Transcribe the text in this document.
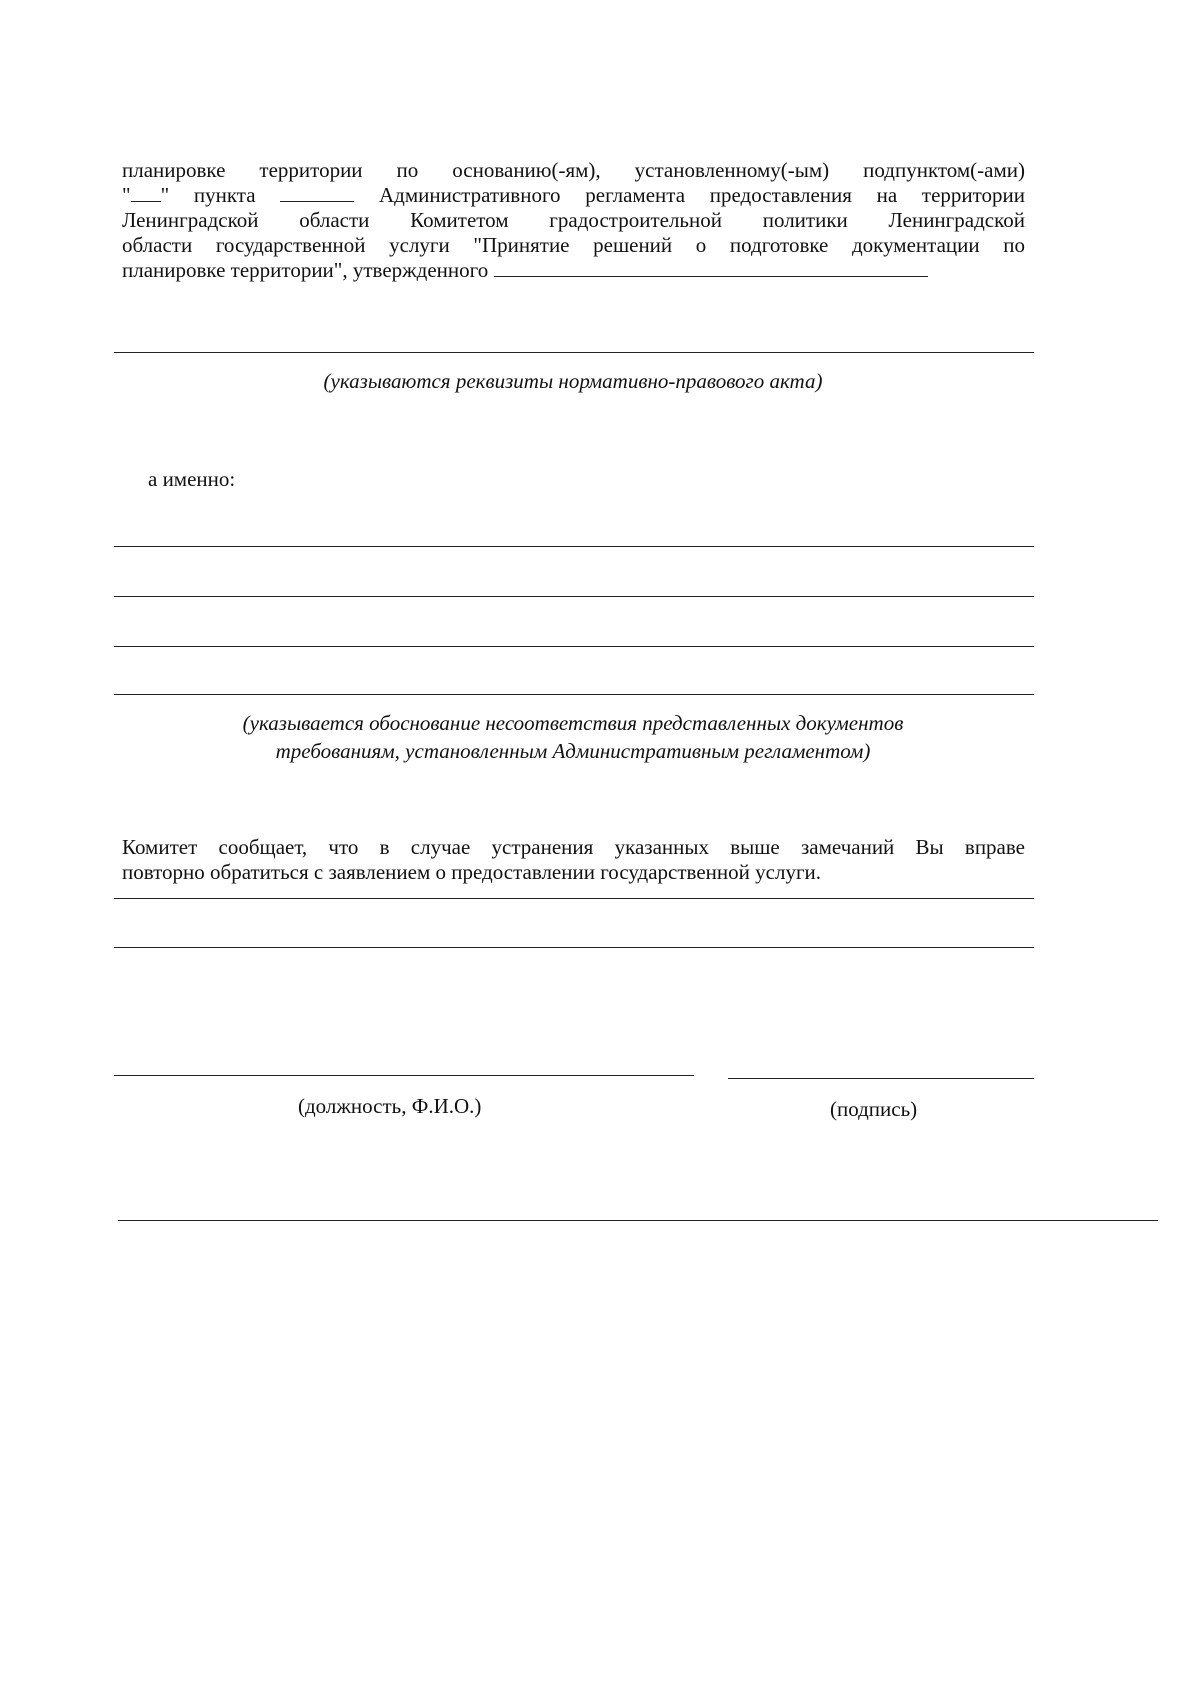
планировке территории по основанию(-ям), установленному(-ым) подпунктом(-ами)
" " пункта	Административного регламента предоставления на территории
Ленинградской области Комитетом градостроительной политики Ленинградской
области государственной услуги "Принятие решений о подготовке документации по
планировке территории", утвержденного

(указываются реквизиты нормативно-правового акта)

а именно:

(указывается обоснование несоответствия представленных документов
требованиям, установленным Административным регламентом)

Комитет сообщает, что в случае устранения указанных выше замечаний Вы вправе
повторно обратиться с заявлением о предоставлении государственной услуги.

(должность, Ф.И.О.)	(подпись)
